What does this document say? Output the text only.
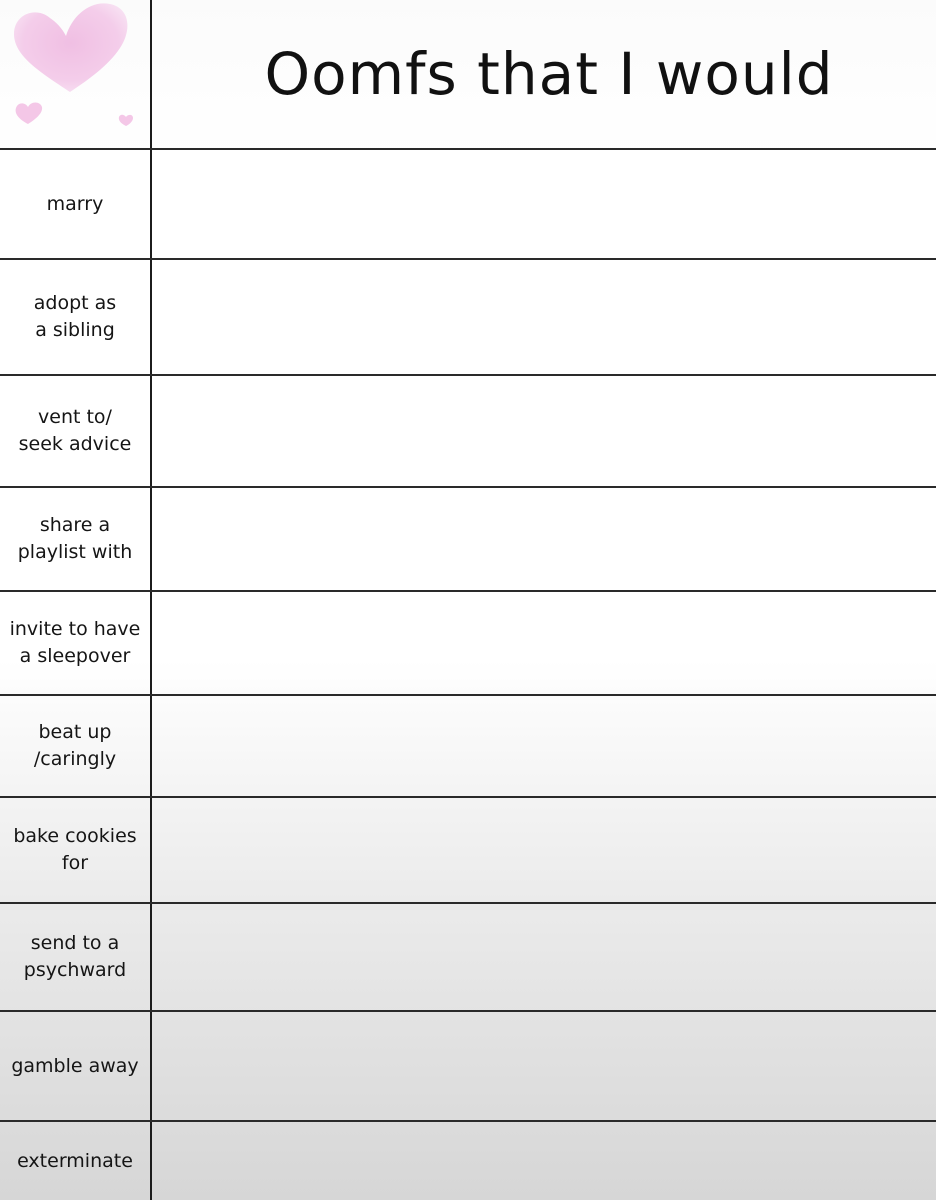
Oomfs that I would
marry
adopt as
a sibling
vent to/
seek advice
share a
playlist with
invite to have
a sleepover
beat up
/caringly
bake cookies
for
send to a
psychward
gamble away
exterminate
